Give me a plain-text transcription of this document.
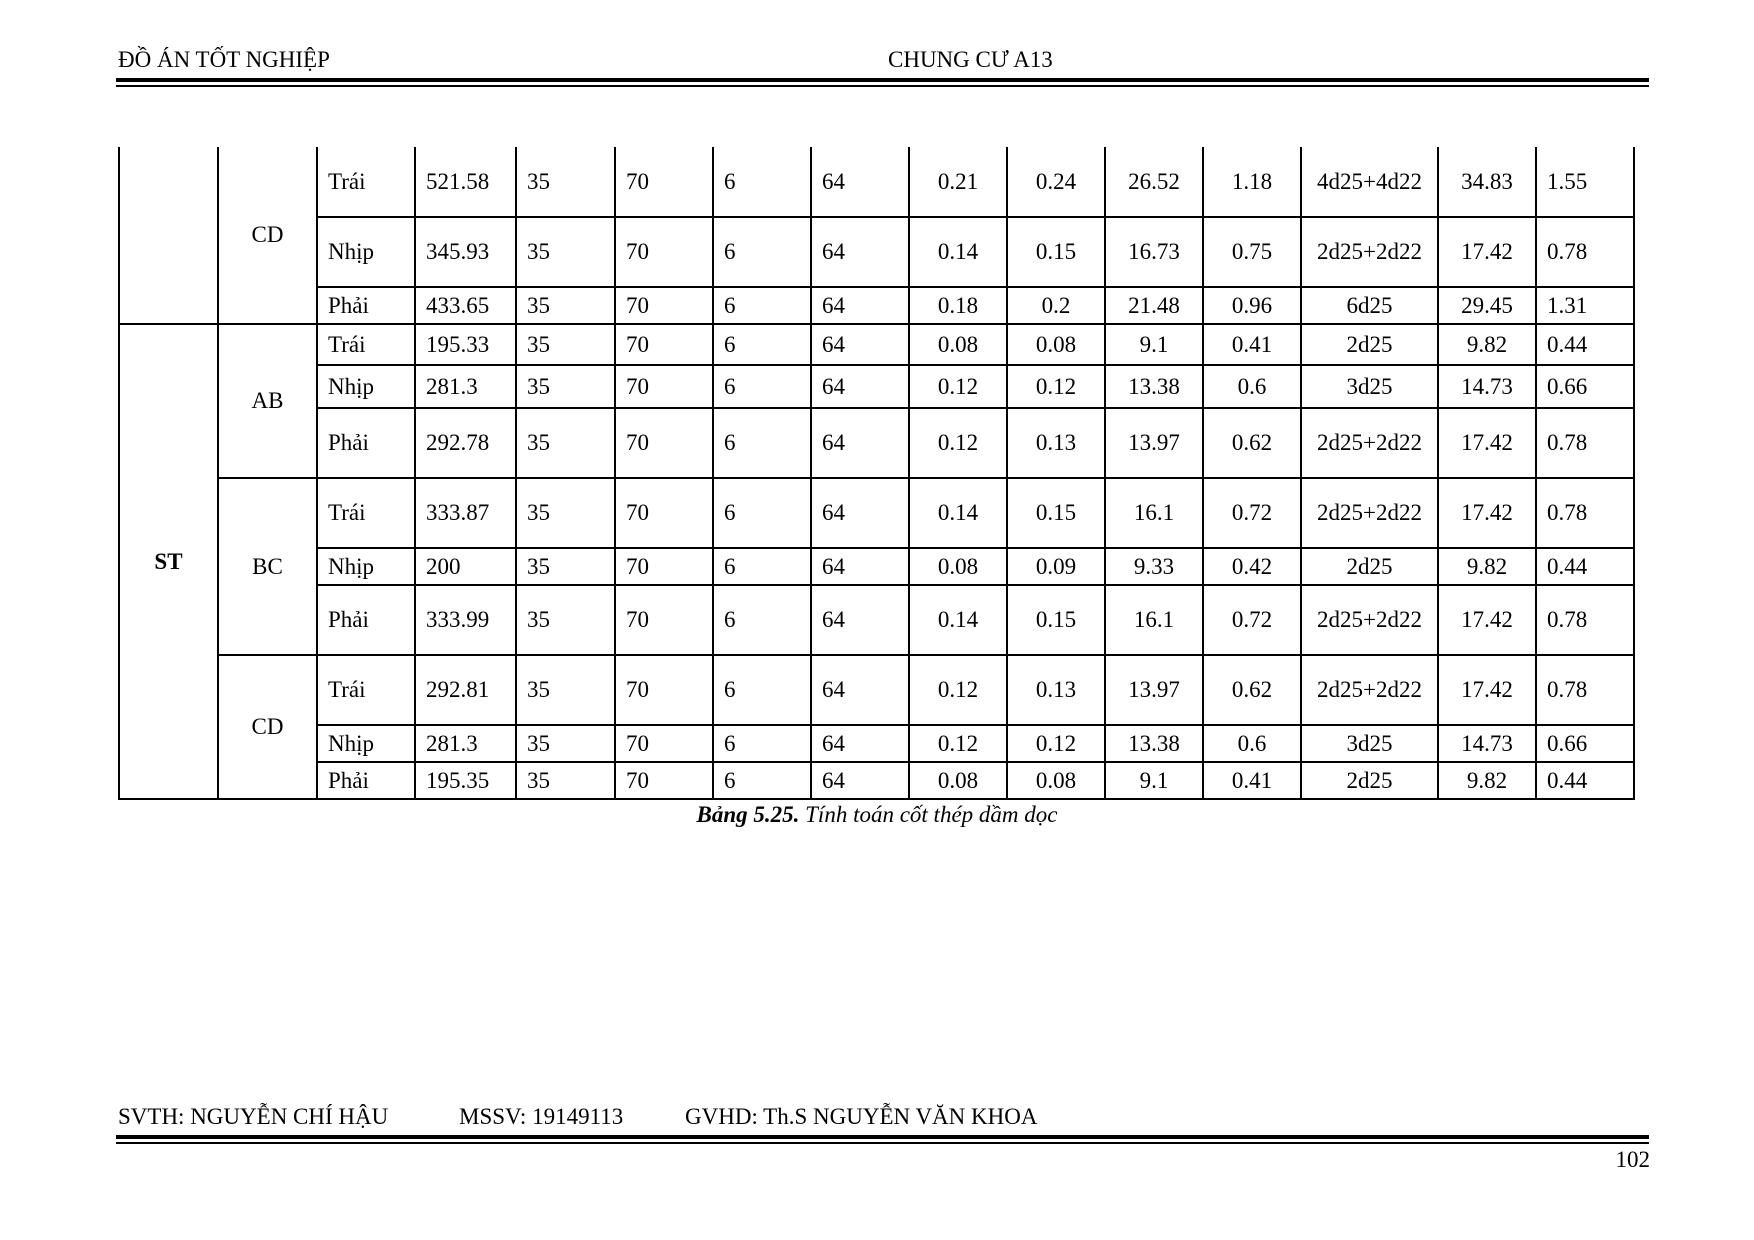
ĐỒ ÁN TỐT NGHIỆP	CHUNG CƯ A13
	CD	Trái	521.58	35	70	6	64	0.21	0.24	26.52	1.18	4d25+4d22	34.83	1.55
		Nhịp	345.93	35	70	6	64	0.14	0.15	16.73	0.75	2d25+2d22	17.42	0.78
		Phải	433.65	35	70	6	64	0.18	0.2	21.48	0.96	6d25	29.45	1.31
ST	AB	Trái	195.33	35	70	6	64	0.08	0.08	9.1	0.41	2d25	9.82	0.44
		Nhịp	281.3	35	70	6	64	0.12	0.12	13.38	0.6	3d25	14.73	0.66
		Phải	292.78	35	70	6	64	0.12	0.13	13.97	0.62	2d25+2d22	17.42	0.78
	BC	Trái	333.87	35	70	6	64	0.14	0.15	16.1	0.72	2d25+2d22	17.42	0.78
		Nhịp	200	35	70	6	64	0.08	0.09	9.33	0.42	2d25	9.82	0.44
		Phải	333.99	35	70	6	64	0.14	0.15	16.1	0.72	2d25+2d22	17.42	0.78
	CD	Trái	292.81	35	70	6	64	0.12	0.13	13.97	0.62	2d25+2d22	17.42	0.78
		Nhịp	281.3	35	70	6	64	0.12	0.12	13.38	0.6	3d25	14.73	0.66
		Phải	195.35	35	70	6	64	0.08	0.08	9.1	0.41	2d25	9.82	0.44
Bảng 5.25. Tính toán cốt thép dầm dọc
SVTH: NGUYỄN CHÍ HẬU	MSSV: 19149113	GVHD: Th.S NGUYỄN VĂN KHOA
102
